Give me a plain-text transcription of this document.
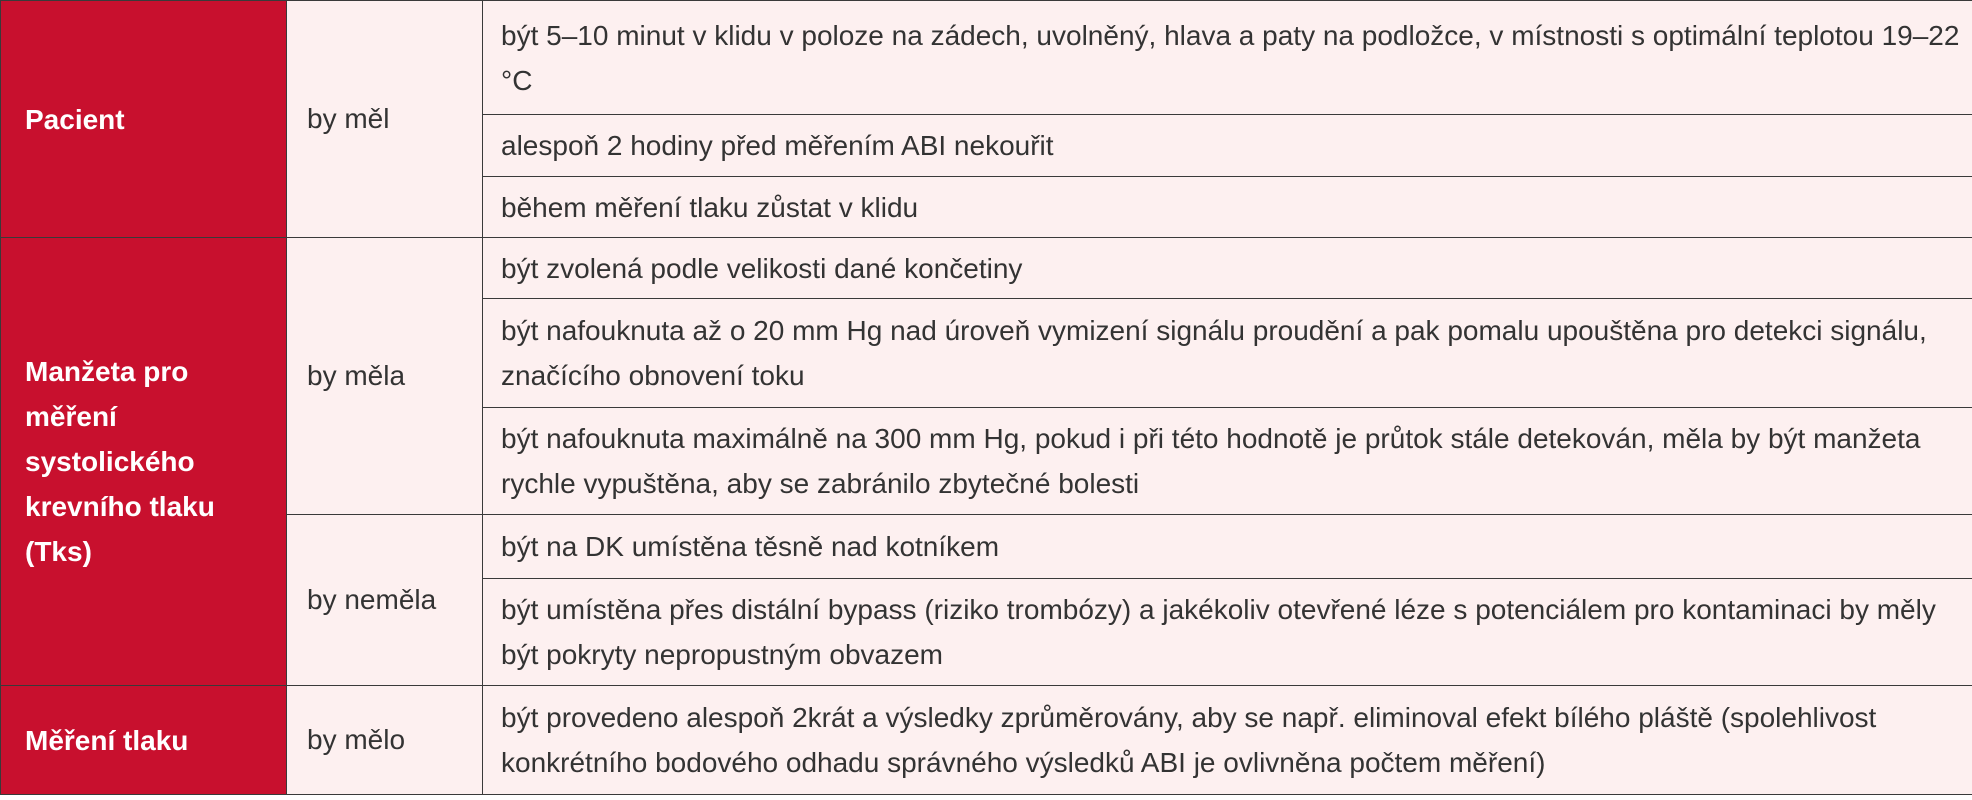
Pacient	by měl	být 5–10 minut v klidu v poloze na zádech, uvolněný, hlava a paty na podložce, v místnosti s optimální teplotou 19–22 °C
		alespoň 2 hodiny před měřením ABI nekouřit
		během měření tlaku zůstat v klidu
Manžeta pro měření systolického krevního tlaku (Tks)	by měla	být zvolená podle velikosti dané končetiny
		být nafouknuta až o 20 mm Hg nad úroveň vymizení signálu proudění a pak pomalu upouštěna pro detekci signálu, značícího obnovení toku
		být nafouknuta maximálně na 300 mm Hg, pokud i při této hodnotě je průtok stále detekován, měla by být manžeta rychle vypuštěna, aby se zabránilo zbytečné bolesti
	by neměla	být na DK umístěna těsně nad kotníkem
		být umístěna přes distální bypass (riziko trombózy) a jakékoliv otevřené léze s potenciálem pro kontaminaci by měly být pokryty nepropustným obvazem
Měření tlaku	by mělo	být provedeno alespoň 2krát a výsledky zprůměrovány, aby se např. eliminoval efekt bílého pláště (spolehlivost konkrétního bodového odhadu správného výsledků ABI je ovlivněna počtem měření)
